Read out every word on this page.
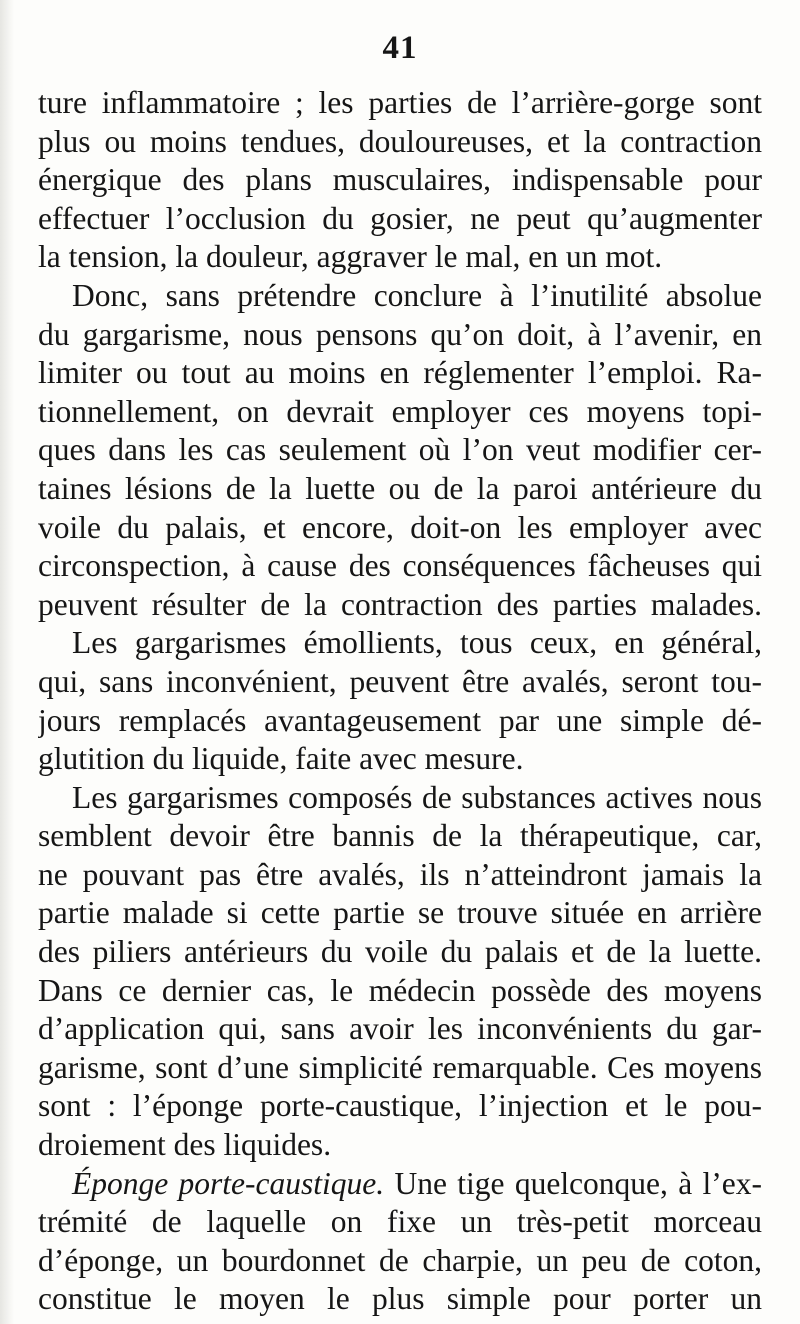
41
ture inflammatoire ; les parties de l’arrière-gorge sont
plus ou moins tendues, douloureuses, et la contraction
énergique des plans musculaires, indispensable pour
effectuer l’occlusion du gosier, ne peut qu’augmenter
la tension, la douleur, aggraver le mal, en un mot.
Donc, sans prétendre conclure à l’inutilité absolue
du gargarisme, nous pensons qu’on doit, à l’avenir, en
limiter ou tout au moins en réglementer l’emploi. Ra-
tionnellement, on devrait employer ces moyens topi-
ques dans les cas seulement où l’on veut modifier cer-
taines lésions de la luette ou de la paroi antérieure du
voile du palais, et encore, doit-on les employer avec
circonspection, à cause des conséquences fâcheuses qui
peuvent résulter de la contraction des parties malades.
Les gargarismes émollients, tous ceux, en général,
qui, sans inconvénient, peuvent être avalés, seront tou-
jours remplacés avantageusement par une simple dé-
glutition du liquide, faite avec mesure.
Les gargarismes composés de substances actives nous
semblent devoir être bannis de la thérapeutique, car,
ne pouvant pas être avalés, ils n’atteindront jamais la
partie malade si cette partie se trouve située en arrière
des piliers antérieurs du voile du palais et de la luette.
Dans ce dernier cas, le médecin possède des moyens
d’application qui, sans avoir les inconvénients du gar-
garisme, sont d’une simplicité remarquable. Ces moyens
sont : l’éponge porte-caustique, l’injection et le pou-
droiement des liquides.
Éponge porte-caustique. Une tige quelconque, à l’ex-
trémité de laquelle on fixe un très-petit morceau
d’éponge, un bourdonnet de charpie, un peu de coton,
constitue le moyen le plus simple pour porter un
